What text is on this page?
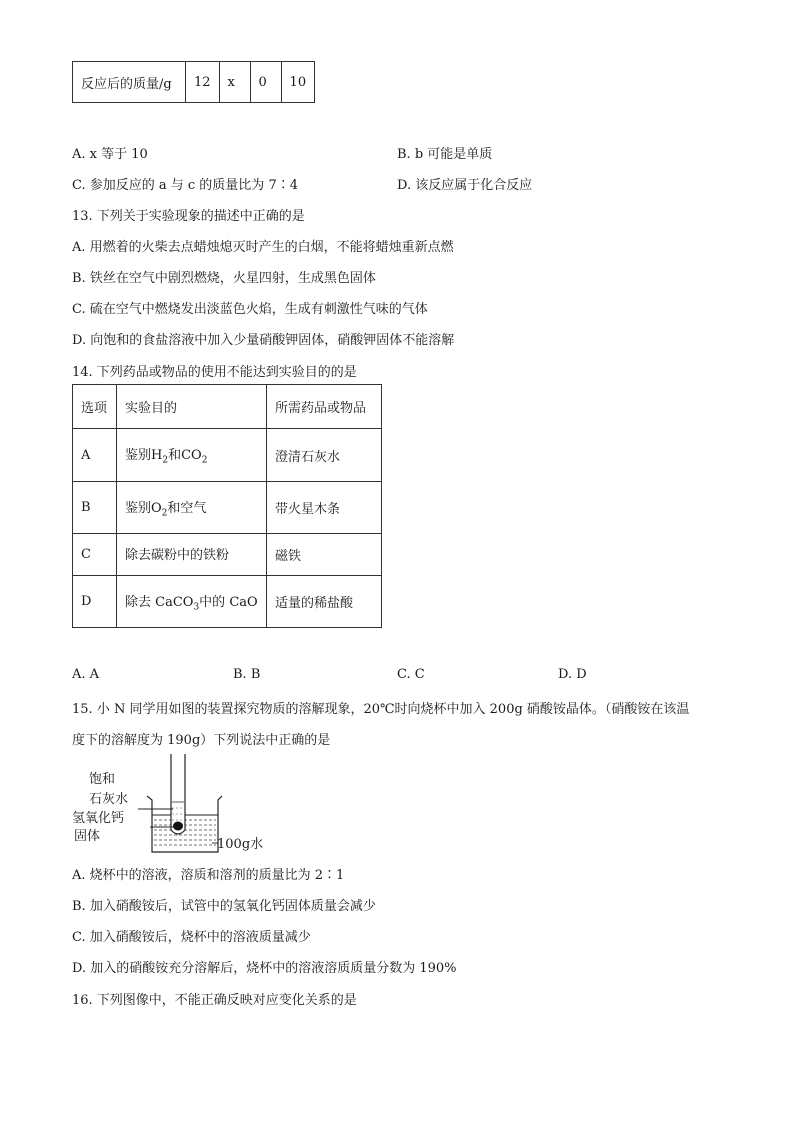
反应后的质量/g	12	x	0	10
A. x 等于 10	B. b 可能是单质
C. 参加反应的 a 与 c 的质量比为 7∶4	D. 该反应属于化合反应
13. 下列关于实验现象的描述中正确的是
A. 用燃着的火柴去点蜡烛熄灭时产生的白烟，不能将蜡烛重新点燃
B. 铁丝在空气中剧烈燃烧，火星四射，生成黑色固体
C. 硫在空气中燃烧发出淡蓝色火焰，生成有刺激性气味的气体
D. 向饱和的食盐溶液中加入少量硝酸钾固体，硝酸钾固体不能溶解
14. 下列药品或物品的使用不能达到实验目的的是
选项	实验目的	所需药品或物品
A	鉴别$H_2$和$CO_2$	澄清石灰水
B	鉴别$O_2$和空气	带火星木条
C	除去碳粉中的铁粉	磁铁
D	除去 CaCO$_3$中的 CaO	适量的稀盐酸
A. A	B. B	C. C	D. D
15. 小 N 同学用如图的装置探究物质的溶解现象，20℃时向烧杯中加入 200g 硝酸铵晶体。（硝酸铵在该温
度下的溶解度为 190g）下列说法中正确的是
饱和
石灰水
氢氧化钙
固体
100g水
A. 烧杯中的溶液，溶质和溶剂的质量比为 2∶1
B. 加入硝酸铵后，试管中的氢氧化钙固体质量会减少
C. 加入硝酸铵后，烧杯中的溶液质量减少
D. 加入的硝酸铵充分溶解后，烧杯中的溶液溶质质量分数为 190%
16. 下列图像中，不能正确反映对应变化关系的是
